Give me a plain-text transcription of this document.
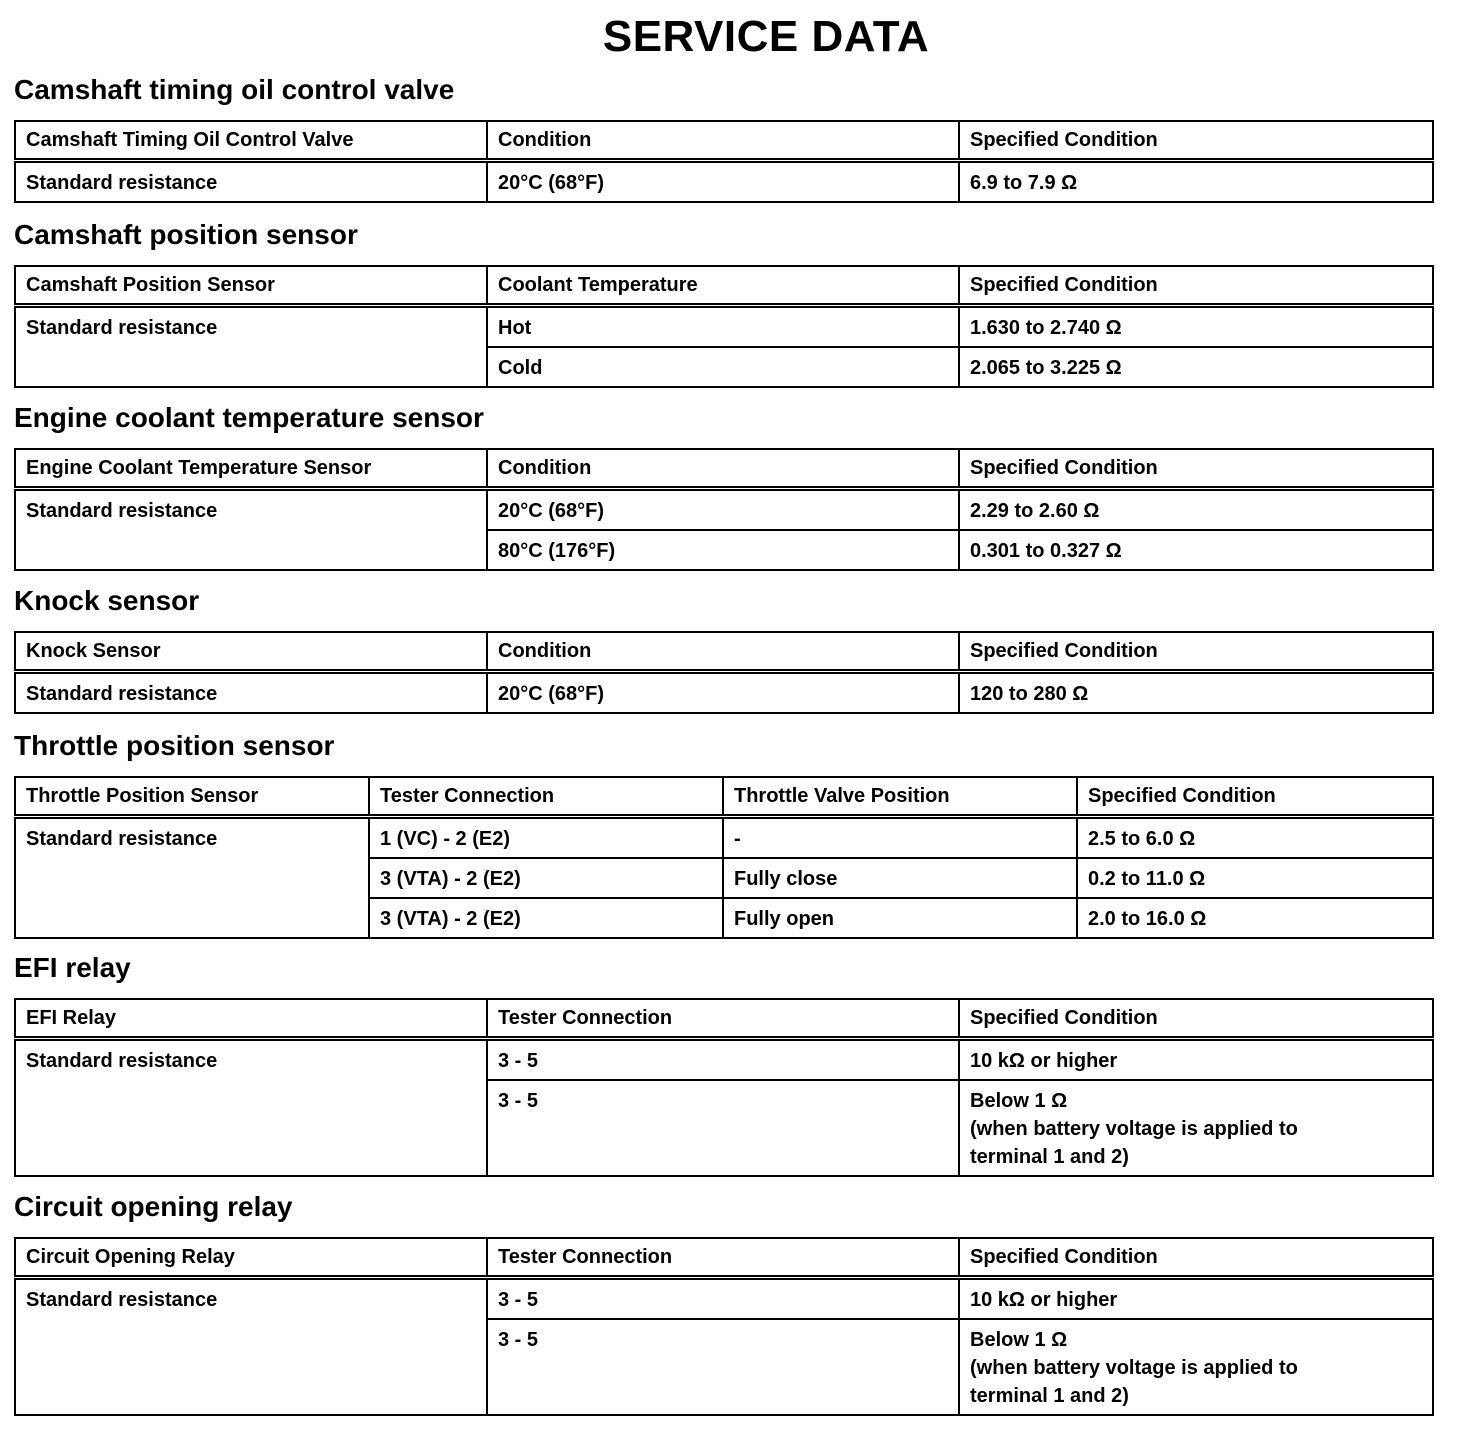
SERVICE DATA
Camshaft timing oil control valve
Camshaft Timing Oil Control Valve	Condition	Specified Condition
Standard resistance	20°C (68°F)	6.9 to 7.9 Ω
Camshaft position sensor
Camshaft Position Sensor	Coolant Temperature	Specified Condition
Standard resistance	Hot	1.630 to 2.740 Ω
	Cold	2.065 to 3.225 Ω
Engine coolant temperature sensor
Engine Coolant Temperature Sensor	Condition	Specified Condition
Standard resistance	20°C (68°F)	2.29 to 2.60 Ω
	80°C (176°F)	0.301 to 0.327 Ω
Knock sensor
Knock Sensor	Condition	Specified Condition
Standard resistance	20°C (68°F)	120 to 280 Ω
Throttle position sensor
Throttle Position Sensor	Tester Connection	Throttle Valve Position	Specified Condition
Standard resistance	1 (VC) - 2 (E2)	-	2.5 to 6.0 Ω
	3 (VTA) - 2 (E2)	Fully close	0.2 to 11.0 Ω
	3 (VTA) - 2 (E2)	Fully open	2.0 to 16.0 Ω
EFI relay
EFI Relay	Tester Connection	Specified Condition
Standard resistance	3 - 5	10 kΩ or higher
	3 - 5	Below 1 Ω
(when battery voltage is applied to
terminal 1 and 2)
Circuit opening relay
Circuit Opening Relay	Tester Connection	Specified Condition
Standard resistance	3 - 5	10 kΩ or higher
	3 - 5	Below 1 Ω
(when battery voltage is applied to
terminal 1 and 2)
